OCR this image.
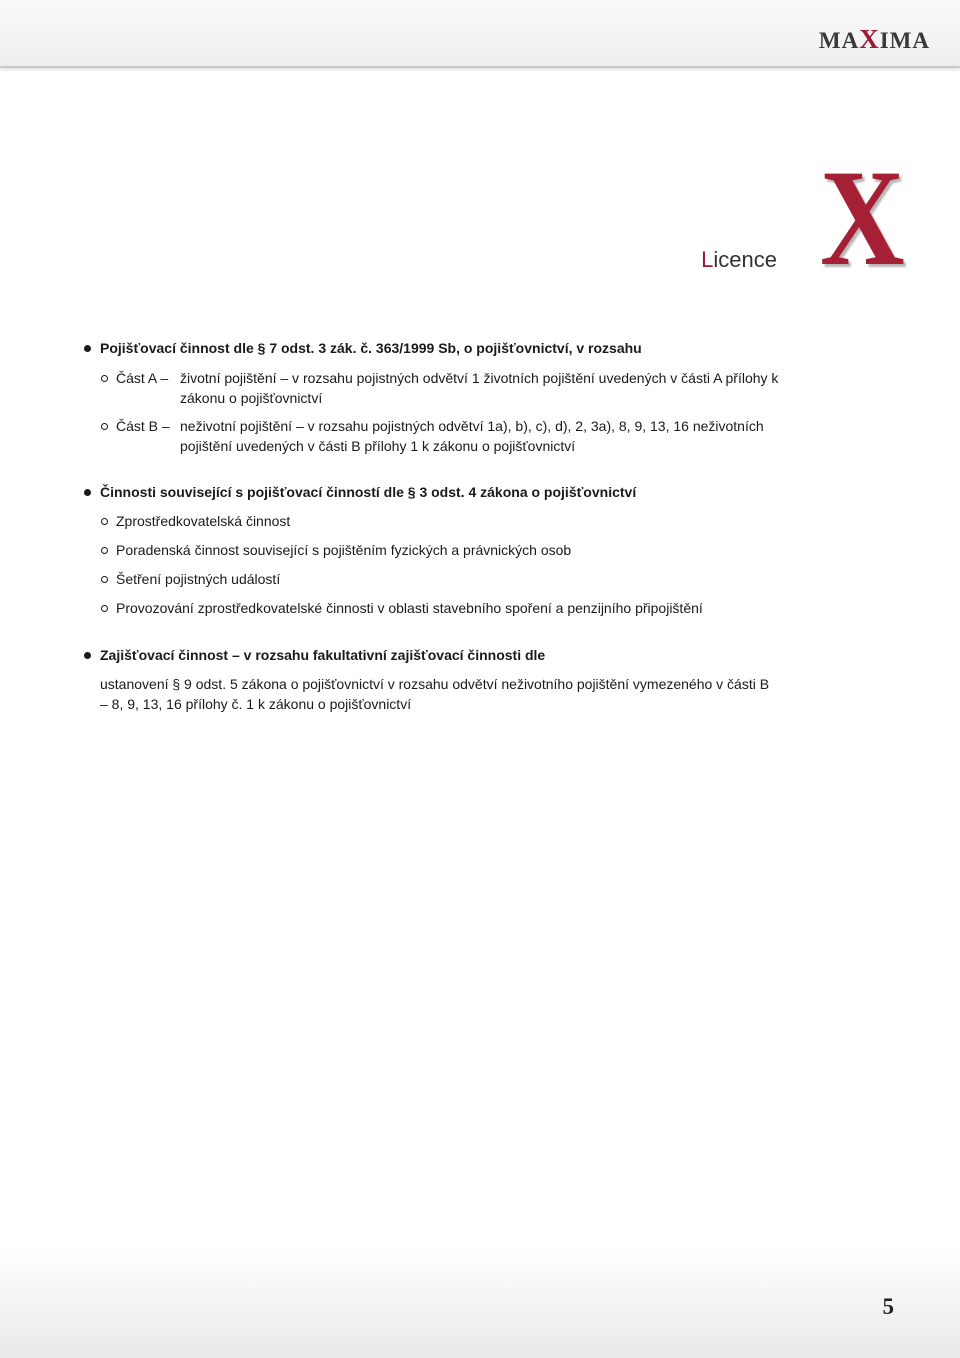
MAXIMA
X
Licence
Pojišťovací činnost dle § 7 odst. 3 zák. č. 363/1999 Sb, o pojišťovnictví, v rozsahu
Část A – životní pojištění – v rozsahu pojistných odvětví 1 životních pojištění uvedených v části A přílohy k zákonu o pojišťovnictví
Část B – neživotní pojištění – v rozsahu pojistných odvětví 1a), b), c), d), 2, 3a), 8, 9, 13, 16 neživotních pojištění uvedených v části B přílohy 1 k zákonu o pojišťovnictví
Činnosti související s pojišťovací činností dle § 3 odst. 4 zákona o pojišťovnictví
Zprostředkovatelská činnost
Poradenská činnost související s pojištěním fyzických a právnických osob
Šetření pojistných událostí
Provozování zprostředkovatelské činnosti v oblasti stavebního spoření a penzijního připojištění
Zajišťovací činnost – v rozsahu fakultativní zajišťovací činnosti dle
ustanovení § 9 odst. 5 zákona o pojišťovnictví v rozsahu odvětví neživotního pojištění vymezeného v části B – 8, 9, 13, 16 přílohy č. 1 k zákonu o pojišťovnictví
5
